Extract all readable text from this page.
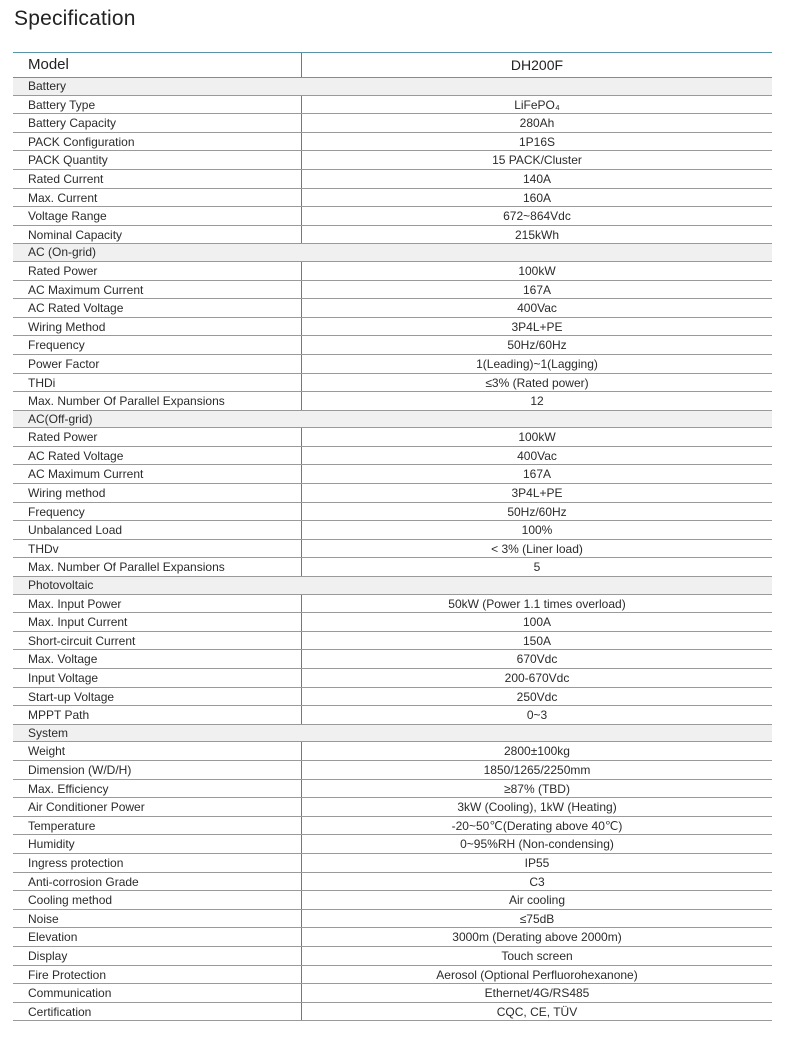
Specification
Model	DH200F
Battery
Battery Type	LiFePO₄
Battery Capacity	280Ah
PACK Configuration	1P16S
PACK Quantity	15 PACK/Cluster
Rated Current	140A
Max. Current	160A
Voltage Range	672~864Vdc
Nominal Capacity	215kWh
AC (On-grid)
Rated Power	100kW
AC Maximum Current	167A
AC Rated Voltage	400Vac
Wiring Method	3P4L+PE
Frequency	50Hz/60Hz
Power Factor	1(Leading)~1(Lagging)
THDi	≤3% (Rated power)
Max. Number Of Parallel Expansions	12
AC(Off-grid)
Rated Power	100kW
AC Rated Voltage	400Vac
AC Maximum Current	167A
Wiring method	3P4L+PE
Frequency	50Hz/60Hz
Unbalanced Load	100%
THDv	< 3% (Liner load)
Max. Number Of Parallel Expansions	5
Photovoltaic
Max. Input Power	50kW (Power 1.1 times overload)
Max. Input Current	100A
Short-circuit Current	150A
Max. Voltage	670Vdc
Input Voltage	200-670Vdc
Start-up Voltage	250Vdc
MPPT Path	0~3
System
Weight	2800±100kg
Dimension (W/D/H)	1850/1265/2250mm
Max. Efficiency	≥87% (TBD)
Air Conditioner Power	3kW (Cooling), 1kW (Heating)
Temperature	-20~50℃(Derating above 40℃)
Humidity	0~95%RH (Non-condensing)
Ingress protection	IP55
Anti-corrosion Grade	C3
Cooling method	Air cooling
Noise	≤75dB
Elevation	3000m (Derating above 2000m)
Display	Touch screen
Fire Protection	Aerosol (Optional Perfluorohexanone)
Communication	Ethernet/4G/RS485
Certification	CQC, CE, TÜV
